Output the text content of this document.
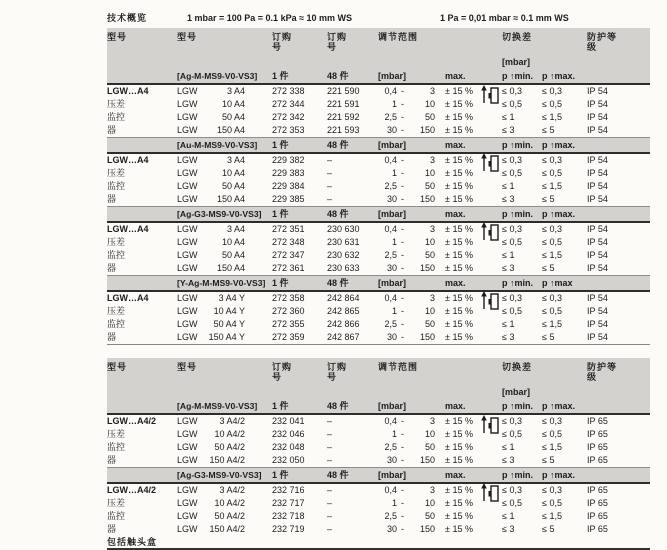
技术概览	1 mbar = 100 Pa = 0.1 kPa ≈ 10 mm WS	1 Pa = 0,01 mbar ≈ 0.1 mm WS
型号	型号	订购号
订购号
调节范围	切换差	防护等级
[mbar]
[Ag-M-MS9-V0-VS3]	1 件	48 件	[mbar]	max.	p ↑min.	p ↑max.
LGW…A4	LGW	3 A4	272 338	221 590	0,4 -	3	± 15 %	≤ 0,3	≤ 0,3	IP 54
压差	LGW	10 A4	272 344	221 591	1 -	10	± 15 %	≤ 0,5	≤ 0,5	IP 54
监控	LGW	50 A4	272 342	221 592	2,5 -	50	± 15 %	≤ 1	≤ 1,5	IP 54
器	LGW	150 A4	272 353	221 593	30 -	150	± 15 %	≤ 3	≤ 5	IP 54
[Au-M-MS9-V0-VS3]	1 件	48 件	[mbar]	max.	p ↑min.	p ↑max.
LGW…A4	LGW	3 A4	229 382	–	0,4 -	3	± 15 %	≤ 0,3	≤ 0,3	IP 54
压差	LGW	10 A4	229 383	–	1 -	10	± 15 %	≤ 0,5	≤ 0,5	IP 54
监控	LGW	50 A4	229 384	–	2,5 -	50	± 15 %	≤ 1	≤ 1,5	IP 54
器	LGW	150 A4	229 385	–	30 -	150	± 15 %	≤ 3	≤ 5	IP 54
[Ag-G3-MS9-V0-VS3]	1 件	48 件	[mbar]	max.	p ↑min.	p ↑max.
LGW…A4	LGW	3 A4	272 351	230 630	0,4 -	3	± 15 %	≤ 0,3	≤ 0,3	IP 54
压差	LGW	10 A4	272 348	230 631	1 -	10	± 15 %	≤ 0,5	≤ 0,5	IP 54
监控	LGW	50 A4	272 347	230 632	2,5 -	50	± 15 %	≤ 1	≤ 1,5	IP 54
器	LGW	150 A4	272 361	230 633	30 -	150	± 15 %	≤ 3	≤ 5	IP 54
[Y-Ag-M-MS9-V0-VS3] 1 件	48 件	[mbar]	max.	p ↑min.	p ↑max
LGW…A4	LGW	3 A4 Y	272 358	242 864	0,4 -	3	± 15 %	≤ 0,3	≤ 0,3	IP 54
压差	LGW	10 A4 Y	272 360	242 865	1 -	10	± 15 %	≤ 0,5	≤ 0,5	IP 54
监控	LGW	50 A4 Y	272 355	242 866	2,5 -	50	± 15 %	≤ 1	≤ 1,5	IP 54
器	LGW	150 A4 Y	272 359	242 867	30 -	150	± 15 %	≤ 3	≤ 5	IP 54
型号	型号	订购号
订购号
调节范围	切换差	防护等级
[mbar]
[Ag-M-MS9-V0-VS3]	1 件	48 件	[mbar]	max.	p ↑min.	p ↑max.
LGW…A4/2	LGW	3 A4/2	232 041	–	0,4 -	3	± 15 %	≤ 0,3	≤ 0,3	IP 65
压差	LGW	10 A4/2	232 046	–	1 -	10	± 15 %	≤ 0,5	≤ 0,5	IP 65
监控	LGW	50 A4/2	232 048	–	2,5 -	50	± 15 %	≤ 1	≤ 1,5	IP 65
器	LGW	150 A4/2	232 050	–	30 -	150	± 15 %	≤ 3	≤ 5	IP 65
[Ag-G3-MS9-V0-VS3]	1 件	48 件	[mbar]	max.	p ↑min.	p ↑max.
LGW…A4/2	LGW	3 A4/2	232 716	–	0,4 -	3	± 15 %	≤ 0,3	≤ 0,3	IP 65
压差	LGW	10 A4/2	232 717	–	1 -	10	± 15 %	≤ 0,5	≤ 0,5	IP 65
监控	LGW	50 A4/2	232 718	–	2,5 -	50	± 15 %	≤ 1	≤ 1,5	IP 65
器	LGW	150 A4/2	232 719	–	30 -	150	± 15 %	≤ 3	≤ 5	IP 65
包括触头盒
